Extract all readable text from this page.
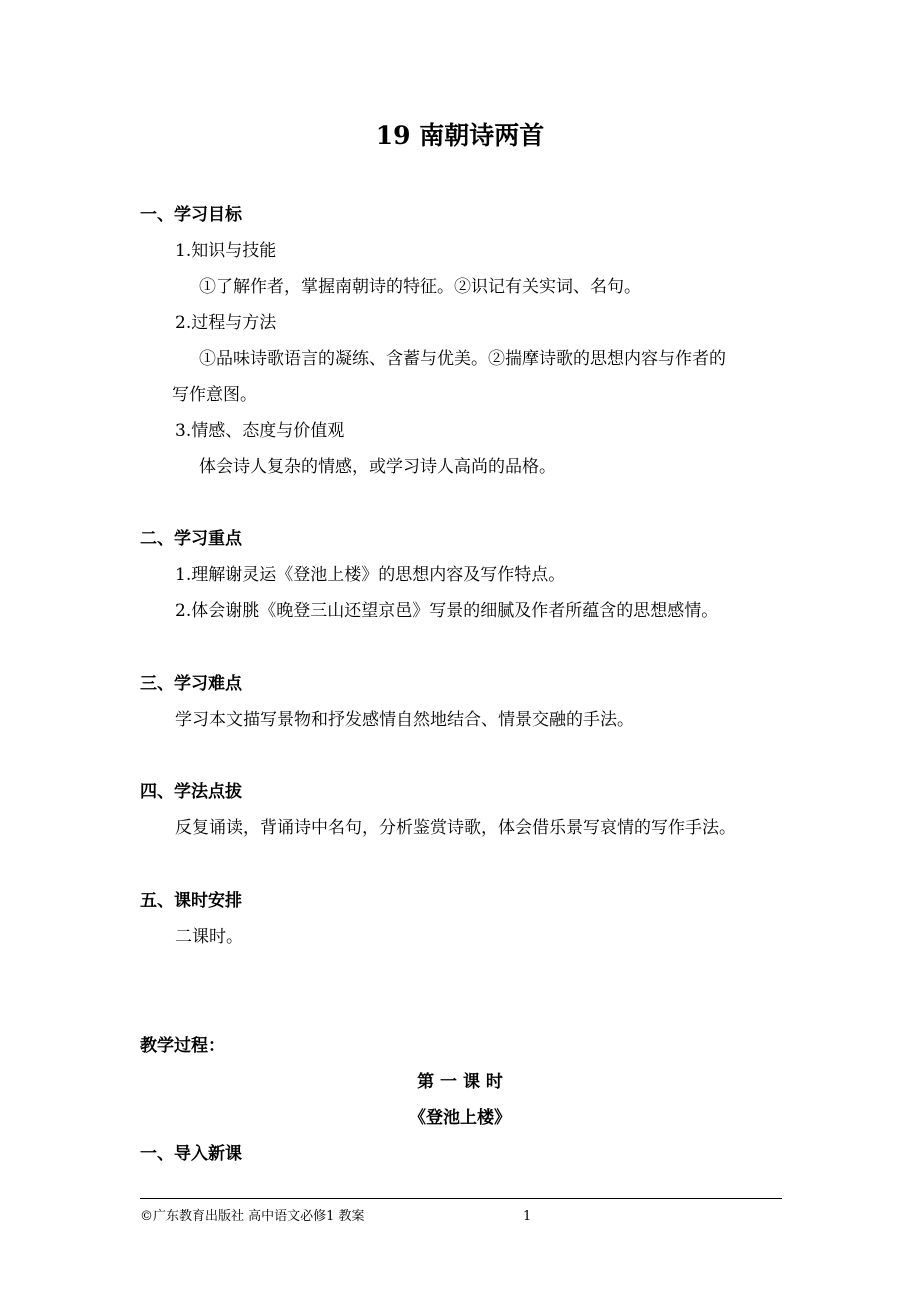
19 南朝诗两首
一、学习目标
1.知识与技能
①了解作者，掌握南朝诗的特征。②识记有关实词、名句。
2.过程与方法
①品味诗歌语言的凝练、含蓄与优美。②揣摩诗歌的思想内容与作者的
写作意图。
3.情感、态度与价值观
体会诗人复杂的情感，或学习诗人高尚的品格。
二、学习重点
1.理解谢灵运《登池上楼》的思想内容及写作特点。
2.体会谢朓《晚登三山还望京邑》写景的细腻及作者所蕴含的思想感情。
三、学习难点
学习本文描写景物和抒发感情自然地结合、情景交融的手法。
四、学法点拔
反复诵读，背诵诗中名句，分析鉴赏诗歌，体会借乐景写哀情的写作手法。
五、课时安排
二课时。
教学过程：
第 一 课 时
《登池上楼》
一、导入新课
©广东教育出版社 高中语文必修1 教案	1
